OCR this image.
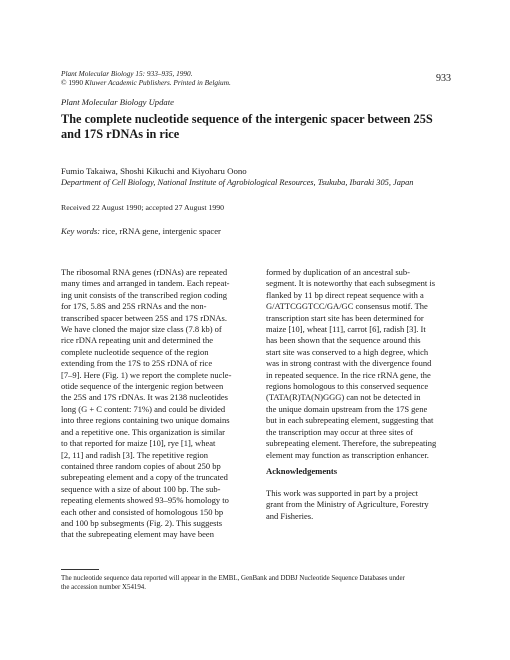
Plant Molecular Biology 15: 933–935, 1990.
© 1990 Kluwer Academic Publishers. Printed in Belgium.	933
Plant Molecular Biology Update
The complete nucleotide sequence of the intergenic spacer between 25S
and 17S rDNAs in rice
Fumio Takaiwa, Shoshi Kikuchi and Kiyoharu Oono
Department of Cell Biology, National Institute of Agrobiological Resources, Tsukuba, Ibaraki 305, Japan
Received 22 August 1990; accepted 27 August 1990
Key words: rice, rRNA gene, intergenic spacer

The ribosomal RNA genes (rDNAs) are repeated

many times and arranged in tandem. Each repeat-

ing unit consists of the transcribed region coding

for 17S, 5.8S and 25S rRNAs and the non-

transcribed spacer between 25S and 17S rDNAs.

We have cloned the major size class (7.8 kb) of

rice rDNA repeating unit and determined the

complete nucleotide sequence of the region

extending from the 17S to 25S rDNA of rice

[7–9]. Here (Fig. 1) we report the complete nucle-

otide sequence of the intergenic region between

the 25S and 17S rDNAs. It was 2138 nucleotides

long (G + C content: 71%) and could be divided

into three regions containing two unique domains

and a repetitive one. This organization is similar

to that reported for maize [10], rye [1], wheat

[2, 11] and radish [3]. The repetitive region

contained three random copies of about 250 bp

subrepeating element and a copy of the truncated

sequence with a size of about 100 bp. The sub-

repeating elements showed 93–95% homology to

each other and consisted of homologous 150 bp

and 100 bp subsegments (Fig. 2). This suggests

that the subrepeating element may have been

formed by duplication of an ancestral sub-

segment. It is noteworthy that each subsegment is

flanked by 11 bp direct repeat sequence with a

G/ATTCGGTCC/GA/GC consensus motif. The

transcription start site has been determined for

maize [10], wheat [11], carrot [6], radish [3]. It

has been shown that the sequence around this

start site was conserved to a high degree, which

was in strong contrast with the divergence found

in repeated sequence. In the rice rRNA gene, the

regions homologous to this conserved sequence

(TATA(R)TA(N)GGG) can not be detected in

the unique domain upstream from the 17S gene

but in each subrepeating element, suggesting that

the transcription may occur at three sites of

subrepeating element. Therefore, the subrepeating

element may function as transcription enhancer.

Acknowledgements

This work was supported in part by a project

grant from the Ministry of Agriculture, Forestry

and Fisheries.

The nucleotide sequence data reported will appear in the EMBL, GenBank and DDBJ Nucleotide Sequence Databases under
the accession number X54194.
